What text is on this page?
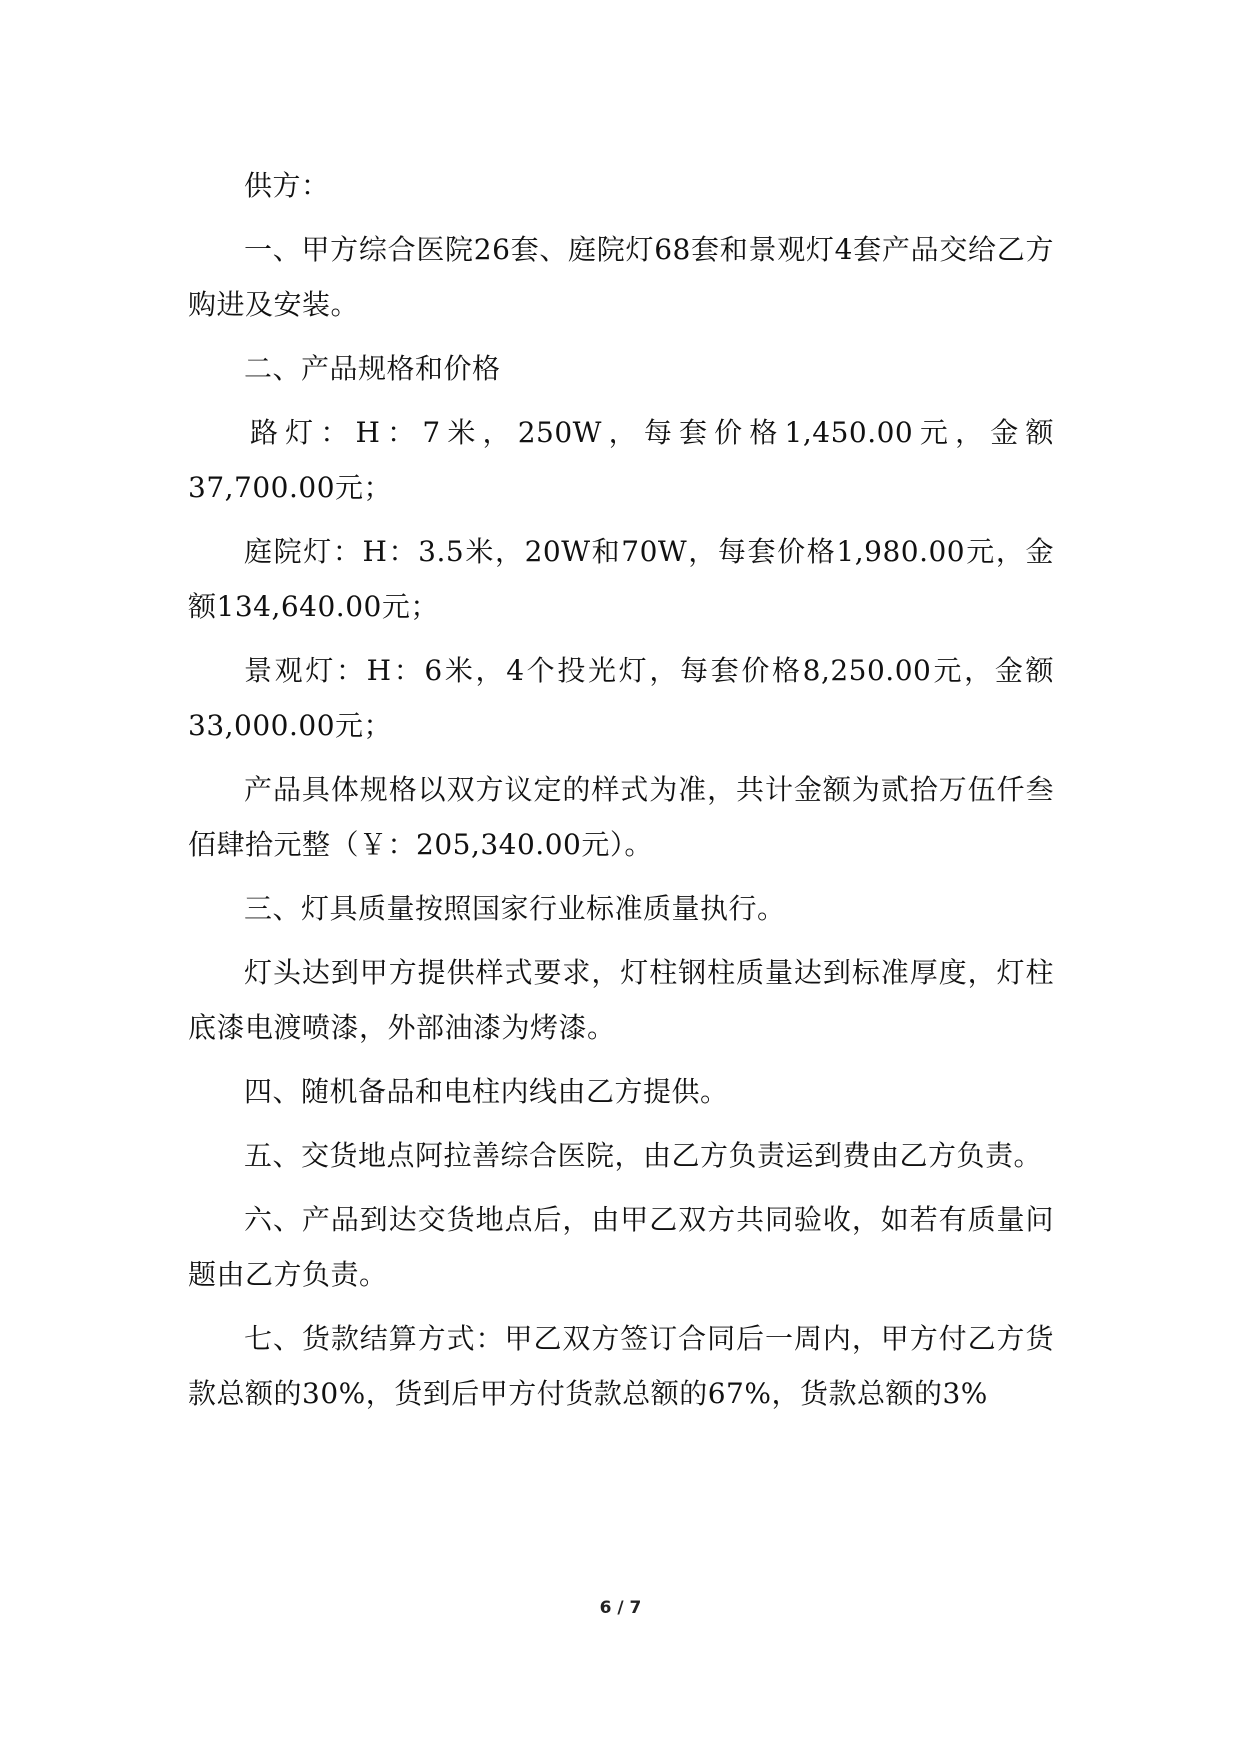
供方：

一、甲方综合医院26套、庭院灯68套和景观灯4套产品交给乙方购进及安装。

二、产品规格和价格

路灯：H：7米，250W，每套价格1,450.00元，金额37,700.00元；

庭院灯：H：3.5米，20W和70W，每套价格1,980.00元，金额134,640.00元；

景观灯：H：6米，4个投光灯，每套价格8,250.00元，金额33,000.00元；

产品具体规格以双方议定的样式为准，共计金额为贰拾万伍仟叁佰肆拾元整（￥：205,340.00元）。

三、灯具质量按照国家行业标准质量执行。

灯头达到甲方提供样式要求，灯柱钢柱质量达到标准厚度，灯柱底漆电渡喷漆，外部油漆为烤漆。

四、随机备品和电柱内线由乙方提供。

五、交货地点阿拉善综合医院，由乙方负责运到费由乙方负责。

六、产品到达交货地点后，由甲乙双方共同验收，如若有质量问题由乙方负责。

七、货款结算方式：甲乙双方签订合同后一周内，甲方付乙方货款总额的30%，货到后甲方付货款总额的67%，货款总额的3%

6 / 7
